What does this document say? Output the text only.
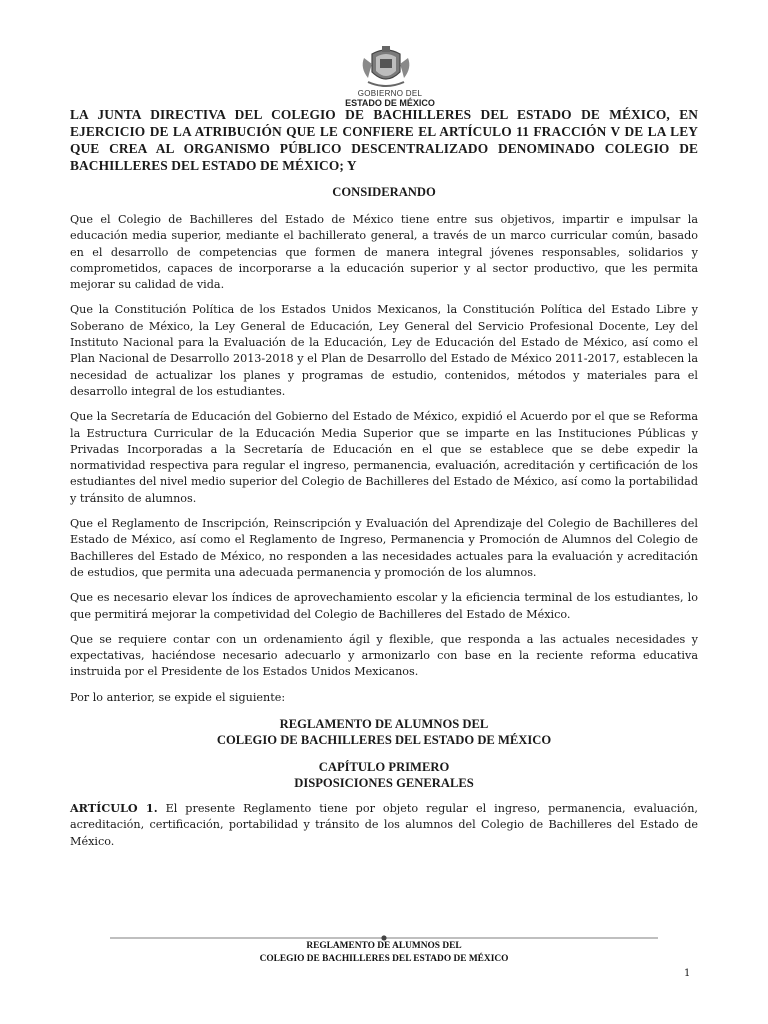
GOBIERNO DEL
ESTADO DE MÉXICO

LA JUNTA DIRECTIVA DEL COLEGIO DE BACHILLERES DEL ESTADO DE MÉXICO, EN EJERCICIO DE LA ATRIBUCIÓN QUE LE CONFIERE EL ARTÍCULO 11 FRACCIÓN V DE LA LEY QUE CREA AL ORGANISMO PÚBLICO DESCENTRALIZADO DENOMINADO COLEGIO DE BACHILLERES DEL ESTADO DE MÉXICO; Y

CONSIDERANDO

Que el Colegio de Bachilleres del Estado de México tiene entre sus objetivos, impartir e impulsar la educación media superior, mediante el bachillerato general, a través de un marco curricular común, basado en el desarrollo de competencias que formen de manera integral jóvenes responsables, solidarios y comprometidos, capaces de incorporarse a la educación superior y al sector productivo, que les permita mejorar su calidad de vida.

Que la Constitución Política de los Estados Unidos Mexicanos, la Constitución Política del Estado Libre y Soberano de México, la Ley General de Educación, Ley General del Servicio Profesional Docente, Ley del Instituto Nacional para la Evaluación de la Educación, Ley de Educación del Estado de México, así como el Plan Nacional de Desarrollo 2013-2018 y el Plan de Desarrollo del Estado de México 2011-2017, establecen la necesidad de actualizar los planes y programas de estudio, contenidos, métodos y materiales para el desarrollo integral de los estudiantes.

Que la Secretaría de Educación del Gobierno del Estado de México, expidió el Acuerdo por el que se Reforma la Estructura Curricular de la Educación Media Superior que se imparte en las Instituciones Públicas y Privadas Incorporadas a la Secretaría de Educación en el que se establece que se debe expedir la normatividad respectiva para regular el ingreso, permanencia, evaluación, acreditación y certificación de los estudiantes del nivel medio superior del Colegio de Bachilleres del Estado de México, así como la portabilidad y tránsito de alumnos.

Que el Reglamento de Inscripción, Reinscripción y Evaluación del Aprendizaje del Colegio de Bachilleres del Estado de México, así como el Reglamento de Ingreso, Permanencia y Promoción de Alumnos del Colegio de Bachilleres del Estado de México, no responden a las necesidades actuales para la evaluación y acreditación de estudios, que permita una adecuada permanencia y promoción de los alumnos.

Que es necesario elevar los índices de aprovechamiento escolar y la eficiencia terminal de los estudiantes, lo que permitirá mejorar la competividad del Colegio de Bachilleres del Estado de México.

Que se requiere contar con un ordenamiento ágil y flexible, que responda a las actuales necesidades y expectativas, haciéndose necesario adecuarlo y armonizarlo con base en la reciente reforma educativa instruida por el Presidente de los Estados Unidos Mexicanos.

Por lo anterior, se expide el siguiente:

REGLAMENTO DE ALUMNOS DEL

COLEGIO DE BACHILLERES DEL ESTADO DE MÉXICO

CAPÍTULO PRIMERO

DISPOSICIONES GENERALES

ARTÍCULO 1. El presente Reglamento tiene por objeto regular el ingreso, permanencia, evaluación, acreditación, certificación, portabilidad y tránsito de los alumnos del Colegio de Bachilleres del Estado de México.

REGLAMENTO DE ALUMNOS DEL
COLEGIO DE BACHILLERES DEL ESTADO DE MÉXICO
1
